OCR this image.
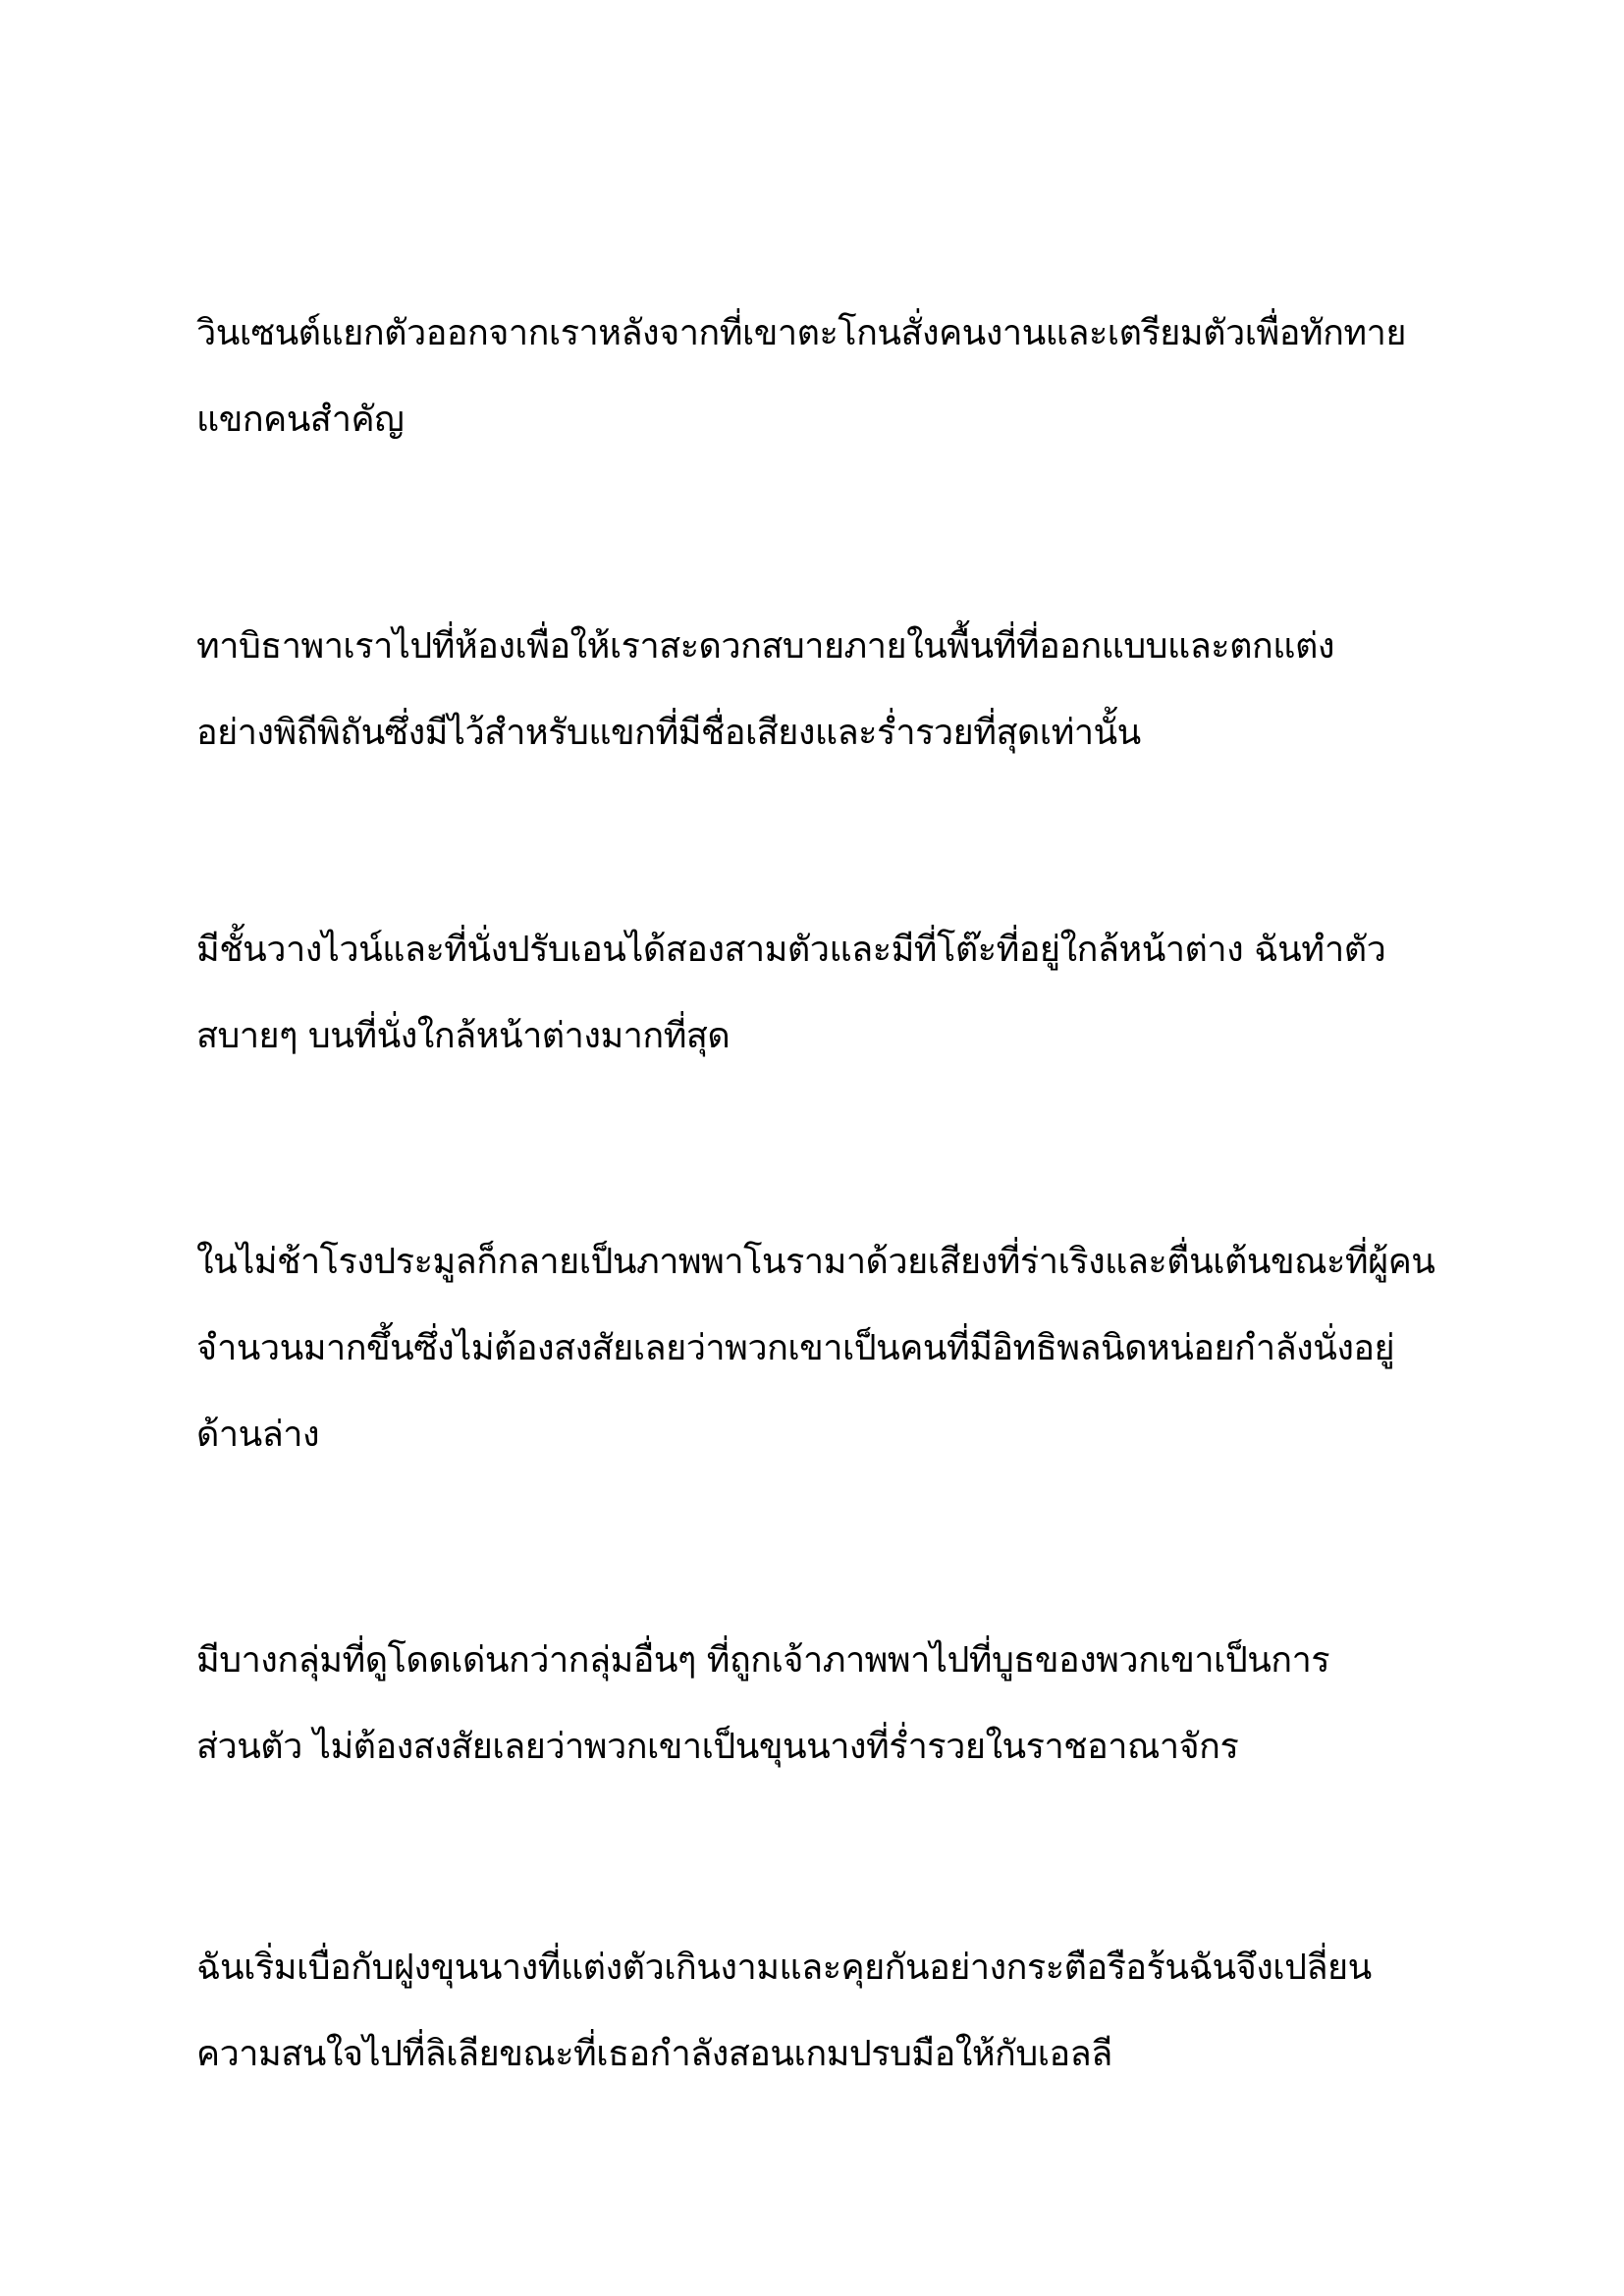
วินเซนต์แยกตัวออกจากเราหลังจากที่เขาตะโกนสั่งคนงานและเตรียมตัวเพื่อทักทาย
แขกคนสำคัญ
ทาบิธาพาเราไปที่ห้องเพื่อให้เราสะดวกสบายภายในพื้นที่ที่ออกแบบและตกแต่ง
อย่างพิถีพิถันซึ่งมีไว้สำหรับแขกที่มีชื่อเสียงและร่ำรวยที่สุดเท่านั้น
มีชั้นวางไวน์และที่นั่งปรับเอนได้สองสามตัวและมีที่โต๊ะที่อยู่ใกล้หน้าต่าง ฉันทำตัว
สบายๆ บนที่นั่งใกล้หน้าต่างมากที่สุด
ในไม่ช้าโรงประมูลก็กลายเป็นภาพพาโนรามาด้วยเสียงที่ร่าเริงและตื่นเต้นขณะที่ผู้คน
จำนวนมากขึ้นซึ่งไม่ต้องสงสัยเลยว่าพวกเขาเป็นคนที่มีอิทธิพลนิดหน่อยกำลังนั่งอยู่
ด้านล่าง
มีบางกลุ่มที่ดูโดดเด่นกว่ากลุ่มอื่นๆ ที่ถูกเจ้าภาพพาไปที่บูธของพวกเขาเป็นการ
ส่วนตัว ไม่ต้องสงสัยเลยว่าพวกเขาเป็นขุนนางที่ร่ำรวยในราชอาณาจักร
ฉันเริ่มเบื่อกับฝูงขุนนางที่แต่งตัวเกินงามและคุยกันอย่างกระตือรือร้นฉันจึงเปลี่ยน
ความสนใจไปที่ลิเลียขณะที่เธอกำลังสอนเกมปรบมือให้กับเอลลี
